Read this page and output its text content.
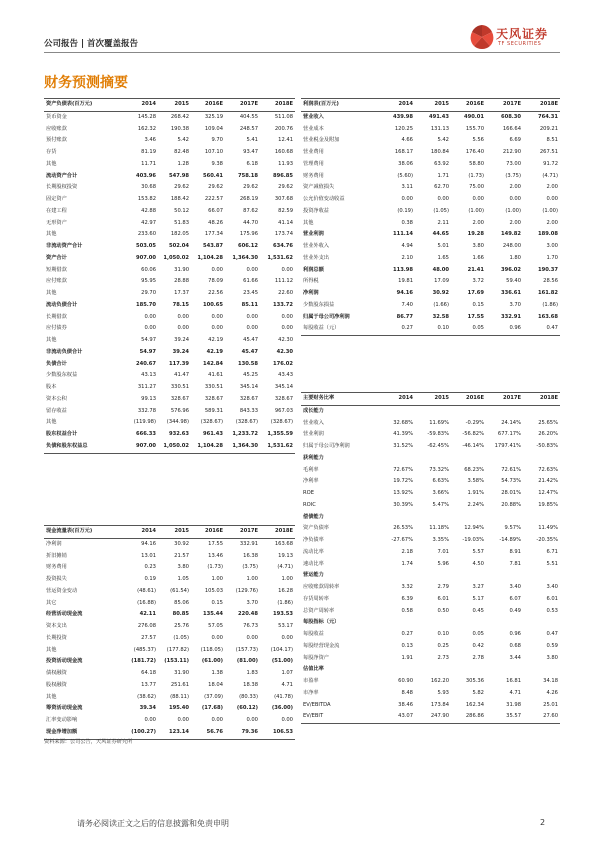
公司报告 | 首次覆盖报告
天风证券
TF SECURITIES
财务预测摘要
资产负债表(百万元)	2014	2015	2016E	2017E	2018E
货币资金	145.28	268.42	325.19	404.55	511.08
应收账款	162.32	190.38	109.04	248.57	200.76
预付账款	3.46	5.42	9.70	5.41	12.41
存货	81.19	82.48	107.10	93.47	160.68
其他	11.71	1.28	9.38	6.18	11.93
流动资产合计	403.96	547.98	560.41	758.18	896.85
长期股权投资	30.68	29.62	29.62	29.62	29.62
固定资产	153.82	188.42	222.57	268.19	307.68
在建工程	42.88	50.12	66.07	87.62	82.59
无形资产	42.97	51.83	48.26	44.70	41.14
其他	233.60	182.05	177.34	175.96	173.74
非流动资产合计	503.05	502.04	543.87	606.12	634.76
资产合计	907.00	1,050.02	1,104.28	1,364.30	1,531.62
短期借款	60.06	31.90	0.00	0.00	0.00
应付账款	95.95	28.88	78.09	61.66	111.12
其他	29.70	17.37	22.56	23.45	22.60
流动负债合计	185.70	78.15	100.65	85.11	133.72
长期借款	0.00	0.00	0.00	0.00	0.00
应付债券	0.00	0.00	0.00	0.00	0.00
其他	54.97	39.24	42.19	45.47	42.30
非流动负债合计	54.97	39.24	42.19	45.47	42.30
负债合计	240.67	117.39	142.84	130.58	176.02
少数股东权益	43.13	41.47	41.61	45.25	43.43
股本	311.27	330.51	330.51	345.14	345.14
资本公积	99.13	328.67	328.67	328.67	328.67
留存收益	332.78	576.96	589.31	843.33	967.03
其他	(119.98)	(344.98)	(328.67)	(328.67)	(328.67)
股东权益合计	666.33	932.63	961.43	1,233.72	1,355.59
负债和股东权益总	907.00	1,050.02	1,104.28	1,364.30	1,531.62
利润表(百万元)	2014	2015	2016E	2017E	2018E
营业收入	439.98	491.43	490.01	608.30	764.31
营业成本	120.25	131.13	155.70	166.64	209.21
营业税金及附加	4.66	5.42	5.56	6.69	8.51
营业费用	168.17	180.84	176.40	212.90	267.51
管理费用	38.06	63.92	58.80	73.00	91.72
财务费用	(5.60)	1.71	(1.73)	(3.75)	(4.71)
资产减值损失	3.11	62.70	75.00	2.00	2.00
公允价值变动收益	0.00	0.00	0.00	0.00	0.00
投资净收益	(0.19)	(1.05)	(1.00)	(1.00)	(1.00)
其他	0.38	2.11	2.00	2.00	2.00
营业利润	111.14	44.65	19.28	149.82	189.08
营业外收入	4.94	5.01	3.80	248.00	3.00
营业外支出	2.10	1.65	1.66	1.80	1.70
利润总额	113.98	48.00	21.41	396.02	190.37
所得税	19.81	17.09	3.72	59.40	28.56
净利润	94.16	30.92	17.69	336.61	161.82
少数股东损益	7.40	(1.66)	0.15	3.70	(1.86)
归属于母公司净利润	86.77	32.58	17.55	332.91	163.68
每股收益（元）	0.27	0.10	0.05	0.96	0.47
现金流量表(百万元)	2014	2015	2016E	2017E	2018E
净利润	94.16	30.92	17.55	332.91	163.68
折旧摊销	13.01	21.57	13.46	16.38	19.13
财务费用	0.23	3.80	(1.73)	(3.75)	(4.71)
投资损失	0.19	1.05	1.00	1.00	1.00
营运资金变动	(48.61)	(61.54)	105.03	(129.76)	16.28
其它	(16.88)	85.06	0.15	3.70	(1.86)
经营活动现金流	42.11	80.85	135.44	220.48	193.53
资本支出	276.08	25.76	57.05	76.73	53.17
长期投资	27.57	(1.05)	0.00	0.00	0.00
其他	(485.37)	(177.82)	(118.05)	(157.73)	(104.17)
投资活动现金流	(181.72)	(153.11)	(61.00)	(81.00)	(51.00)
债权融资	64.18	31.90	1.38	1.83	1.07
股权融资	13.77	251.61	18.04	18.38	4.71
其他	(38.62)	(88.11)	(37.09)	(80.33)	(41.78)
筹资活动现金流	39.34	195.40	(17.68)	(60.12)	(36.00)
汇率变动影响	0.00	0.00	0.00	0.00	0.00
现金净增加额	(100.27)	123.14	56.76	79.36	106.53
主要财务比率	2014	2015	2016E	2017E	2018E
成长能力					
营业收入	32.68%	11.69%	-0.29%	24.14%	25.65%
营业利润	41.39%	-59.83%	-56.82%	677.17%	26.20%
归属于母公司净利润	31.52%	-62.45%	-46.14%	1797.41%	-50.83%
获利能力					
毛利率	72.67%	73.32%	68.23%	72.61%	72.63%
净利率	19.72%	6.63%	3.58%	54.73%	21.42%
ROE	13.92%	3.66%	1.91%	28.01%	12.47%
ROIC	30.39%	5.47%	2.24%	20.88%	19.85%
偿债能力					
资产负债率	26.53%	11.18%	12.94%	9.57%	11.49%
净负债率	-27.67%	3.35%	-19.03%	-14.89%	-20.35%
流动比率	2.18	7.01	5.57	8.91	6.71
速动比率	1.74	5.96	4.50	7.81	5.51
营运能力					
应收账款周转率	3.32	2.79	3.27	3.40	3.40
存货周转率	6.39	6.01	5.17	6.07	6.01
总资产周转率	0.58	0.50	0.45	0.49	0.53
每股指标（元）					
每股收益	0.27	0.10	0.05	0.96	0.47
每股经营现金流	0.13	0.25	0.42	0.68	0.59
每股净资产	1.91	2.73	2.78	3.44	3.80
估值比率					
市盈率	60.90	162.20	305.36	16.81	34.18
市净率	8.48	5.93	5.82	4.71	4.26
EV/EBITDA	38.46	173.84	162.34	31.98	25.01
EV/EBIT	43.07	247.90	286.86	35.57	27.60
资料来源：公司公告，天风证券研究所
请务必阅读正文之后的信息披露和免责申明	2
